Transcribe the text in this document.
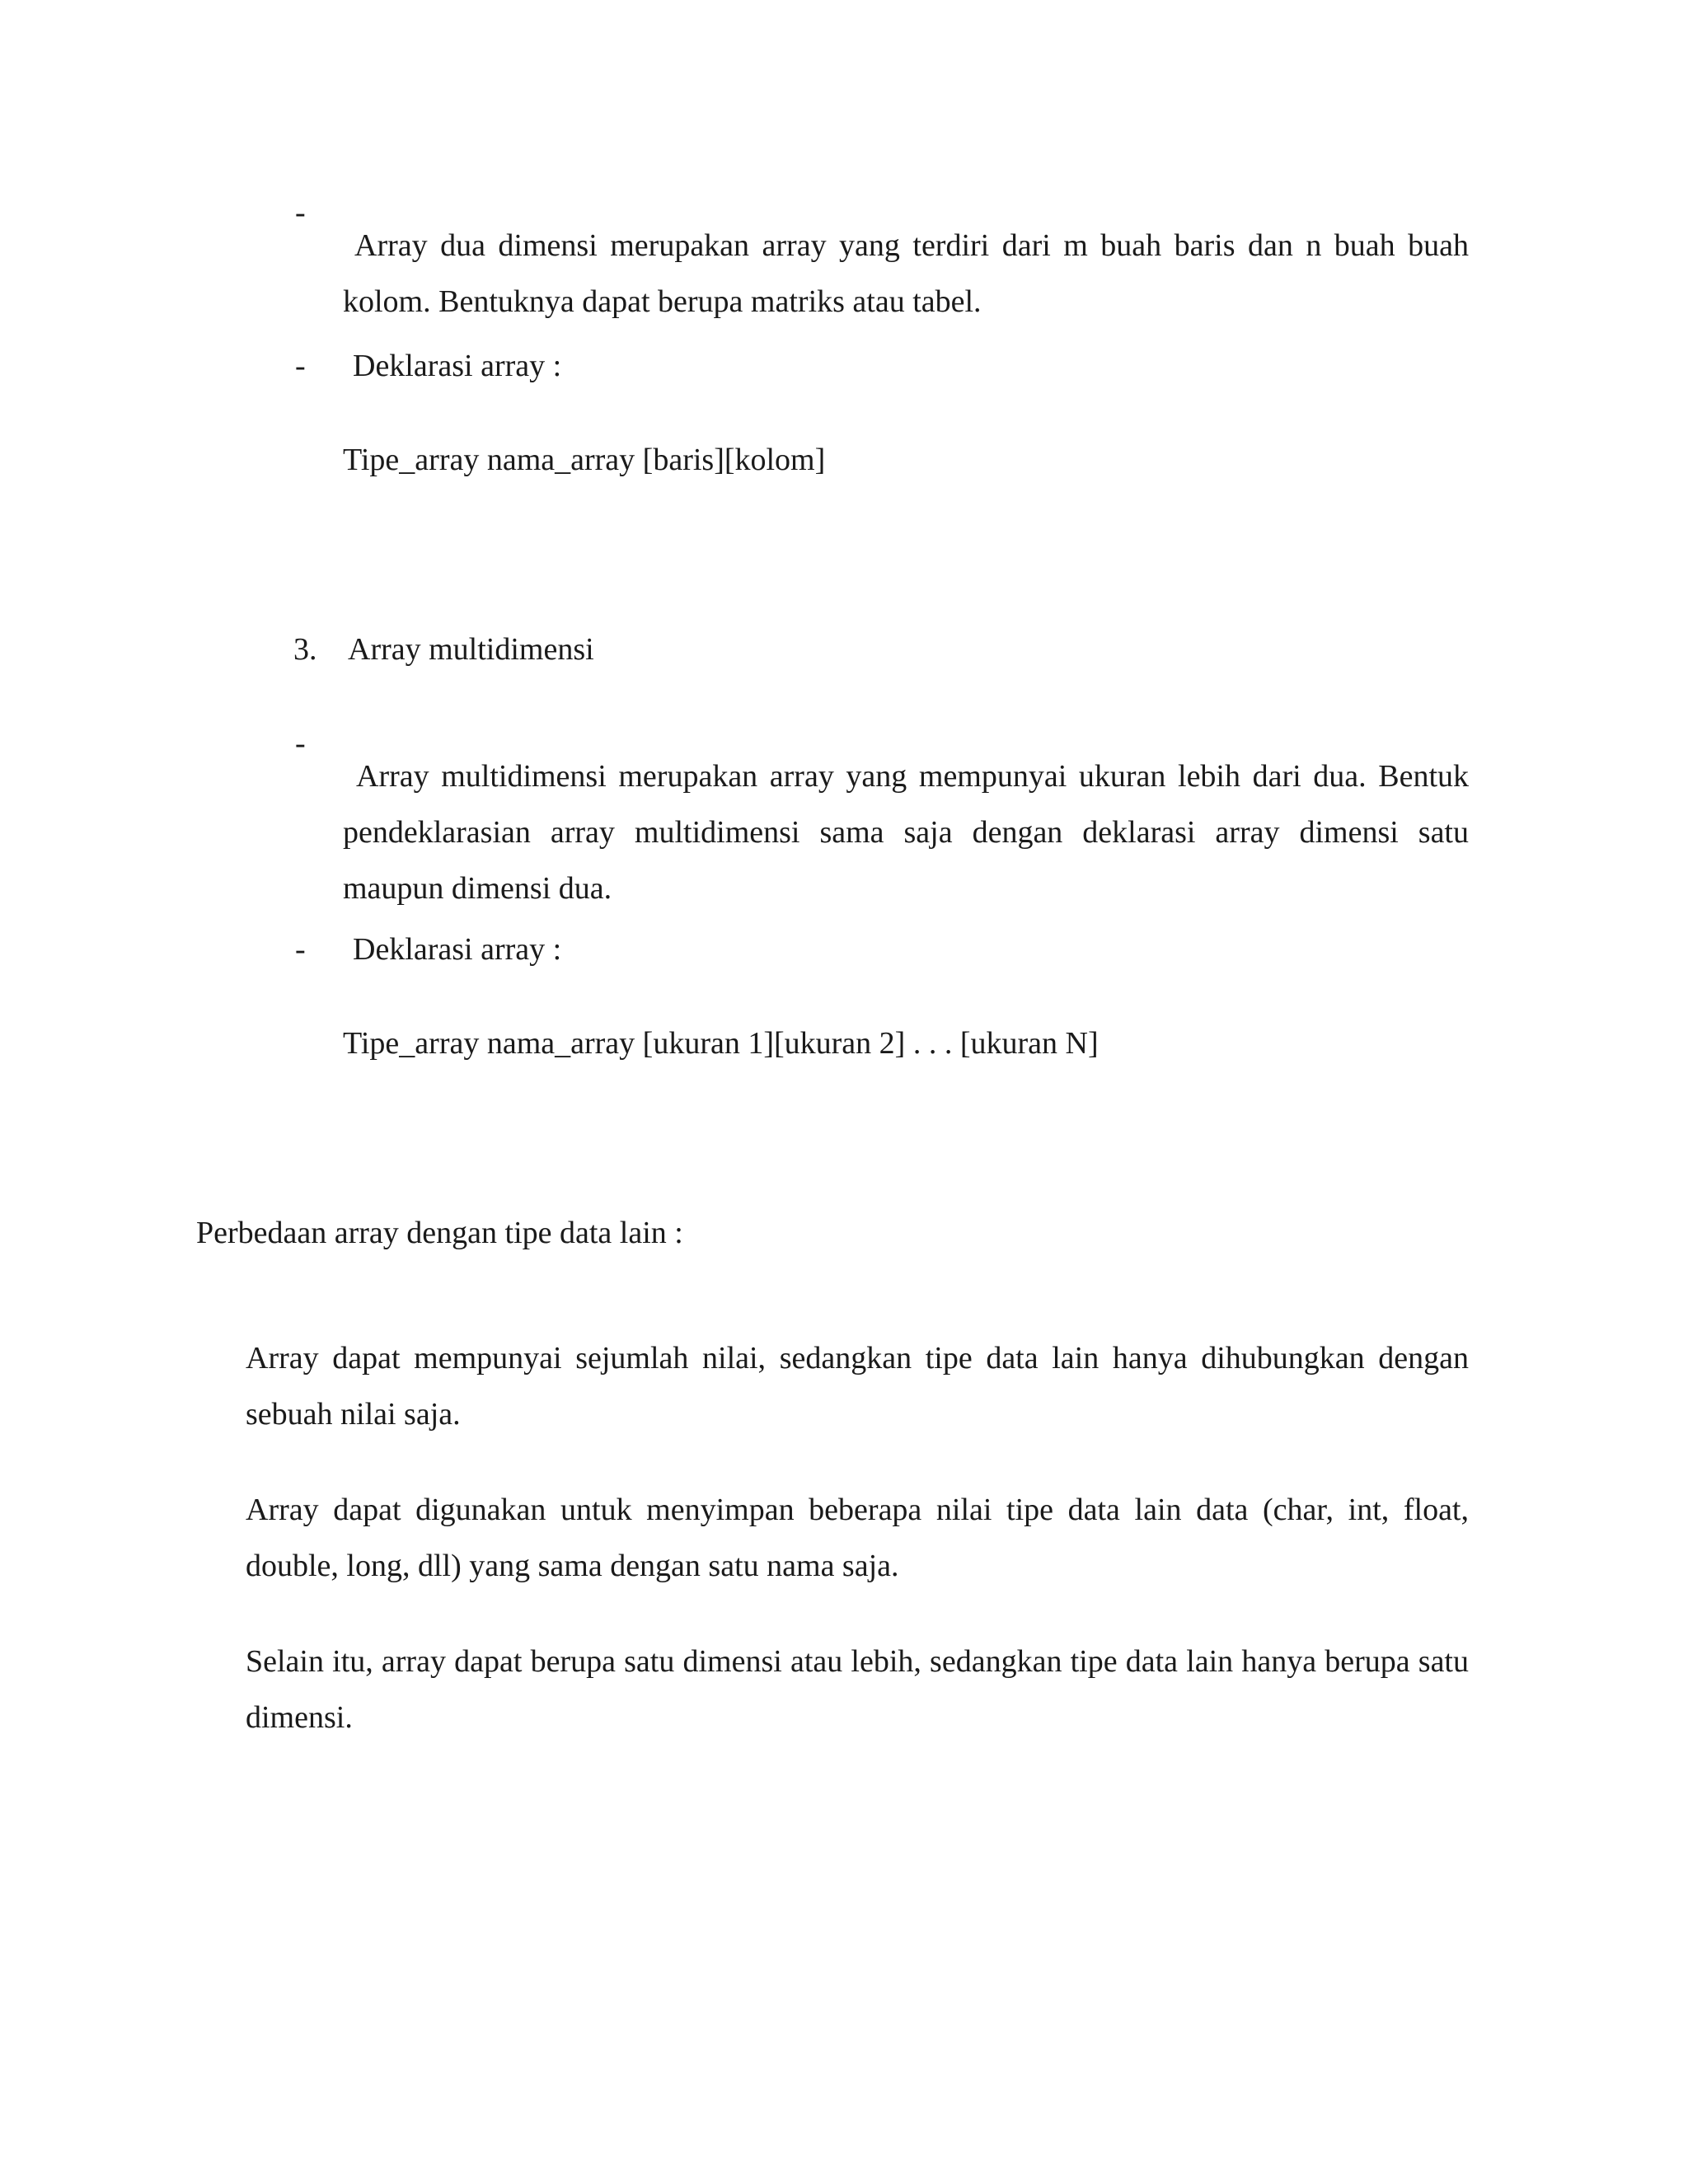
-

Array dua dimensi merupakan array yang terdiri dari m buah baris dan n buah buah kolom. Bentuknya dapat berupa matriks atau tabel.

- Deklarasi array :
Tipe_array nama_array [baris][kolom]
3. Array multidimensi
-

Array multidimensi merupakan array yang mempunyai ukuran lebih dari dua. Bentuk pendeklarasian array multidimensi sama saja dengan deklarasi array dimensi satu maupun dimensi dua.

- Deklarasi array :
Tipe_array nama_array [ukuran 1][ukuran 2] . . . [ukuran N]
Perbedaan array dengan tipe data lain :

Array dapat mempunyai sejumlah nilai, sedangkan tipe data lain hanya dihubungkan dengan sebuah nilai saja.

Array dapat digunakan untuk menyimpan beberapa nilai tipe data lain data (char, int, float, double, long, dll) yang sama dengan satu nama saja.

Selain itu, array dapat berupa satu dimensi atau lebih, sedangkan tipe data lain hanya berupa satu dimensi.
